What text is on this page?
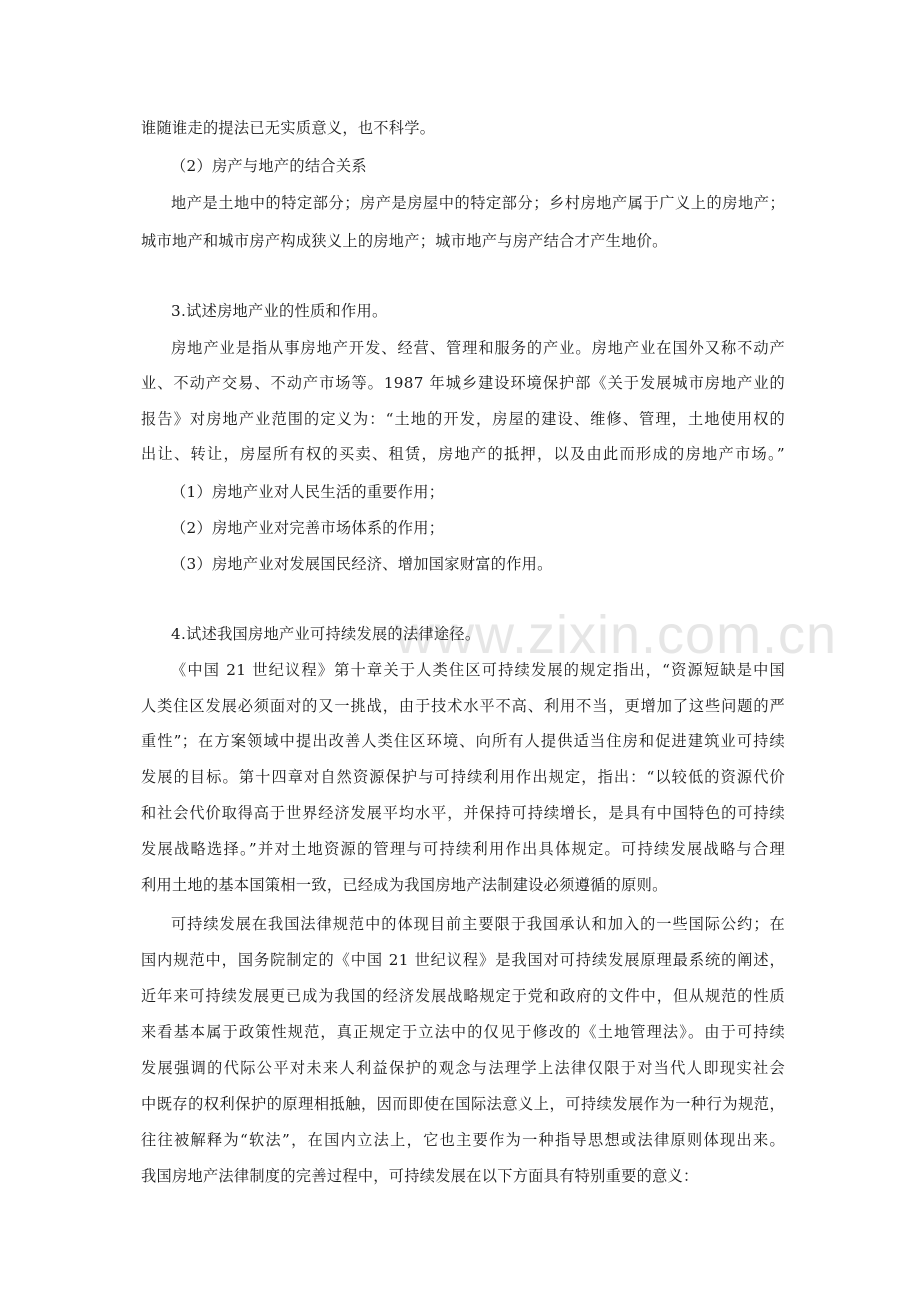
www.zixin.com.cn
谁随谁走的提法已无实质意义，也不科学。
（2）房产与地产的结合关系
地产是土地中的特定部分；房产是房屋中的特定部分；乡村房地产属于广义上的房地产；
城市地产和城市房产构成狭义上的房地产；城市地产与房产结合才产生地价。
3.试述房地产业的性质和作用。
房地产业是指从事房地产开发、经营、管理和服务的产业。房地产业在国外又称不动产
业、不动产交易、不动产市场等。1987 年城乡建设环境保护部《关于发展城市房地产业的
报告》对房地产业范围的定义为：“土地的开发，房屋的建设、维修、管理，土地使用权的
出让、转让，房屋所有权的买卖、租赁，房地产的抵押，以及由此而形成的房地产市场。”
（1）房地产业对人民生活的重要作用；
（2）房地产业对完善市场体系的作用；
（3）房地产业对发展国民经济、增加国家财富的作用。
4.试述我国房地产业可持续发展的法律途径。
《中国 21 世纪议程》第十章关于人类住区可持续发展的规定指出，“资源短缺是中国
人类住区发展必须面对的又一挑战，由于技术水平不高、利用不当，更增加了这些问题的严
重性”；在方案领域中提出改善人类住区环境、向所有人提供适当住房和促进建筑业可持续
发展的目标。第十四章对自然资源保护与可持续利用作出规定，指出：“以较低的资源代价
和社会代价取得高于世界经济发展平均水平，并保持可持续增长，是具有中国特色的可持续
发展战略选择。”并对土地资源的管理与可持续利用作出具体规定。可持续发展战略与合理
利用土地的基本国策相一致，已经成为我国房地产法制建设必须遵循的原则。
可持续发展在我国法律规范中的体现目前主要限于我国承认和加入的一些国际公约；在
国内规范中，国务院制定的《中国 21 世纪议程》是我国对可持续发展原理最系统的阐述，
近年来可持续发展更已成为我国的经济发展战略规定于党和政府的文件中，但从规范的性质
来看基本属于政策性规范，真正规定于立法中的仅见于修改的《土地管理法》。由于可持续
发展强调的代际公平对未来人利益保护的观念与法理学上法律仅限于对当代人即现实社会
中既存的权利保护的原理相抵触，因而即使在国际法意义上，可持续发展作为一种行为规范，
往往被解释为“软法”，在国内立法上，它也主要作为一种指导思想或法律原则体现出来。
我国房地产法律制度的完善过程中，可持续发展在以下方面具有特别重要的意义：
